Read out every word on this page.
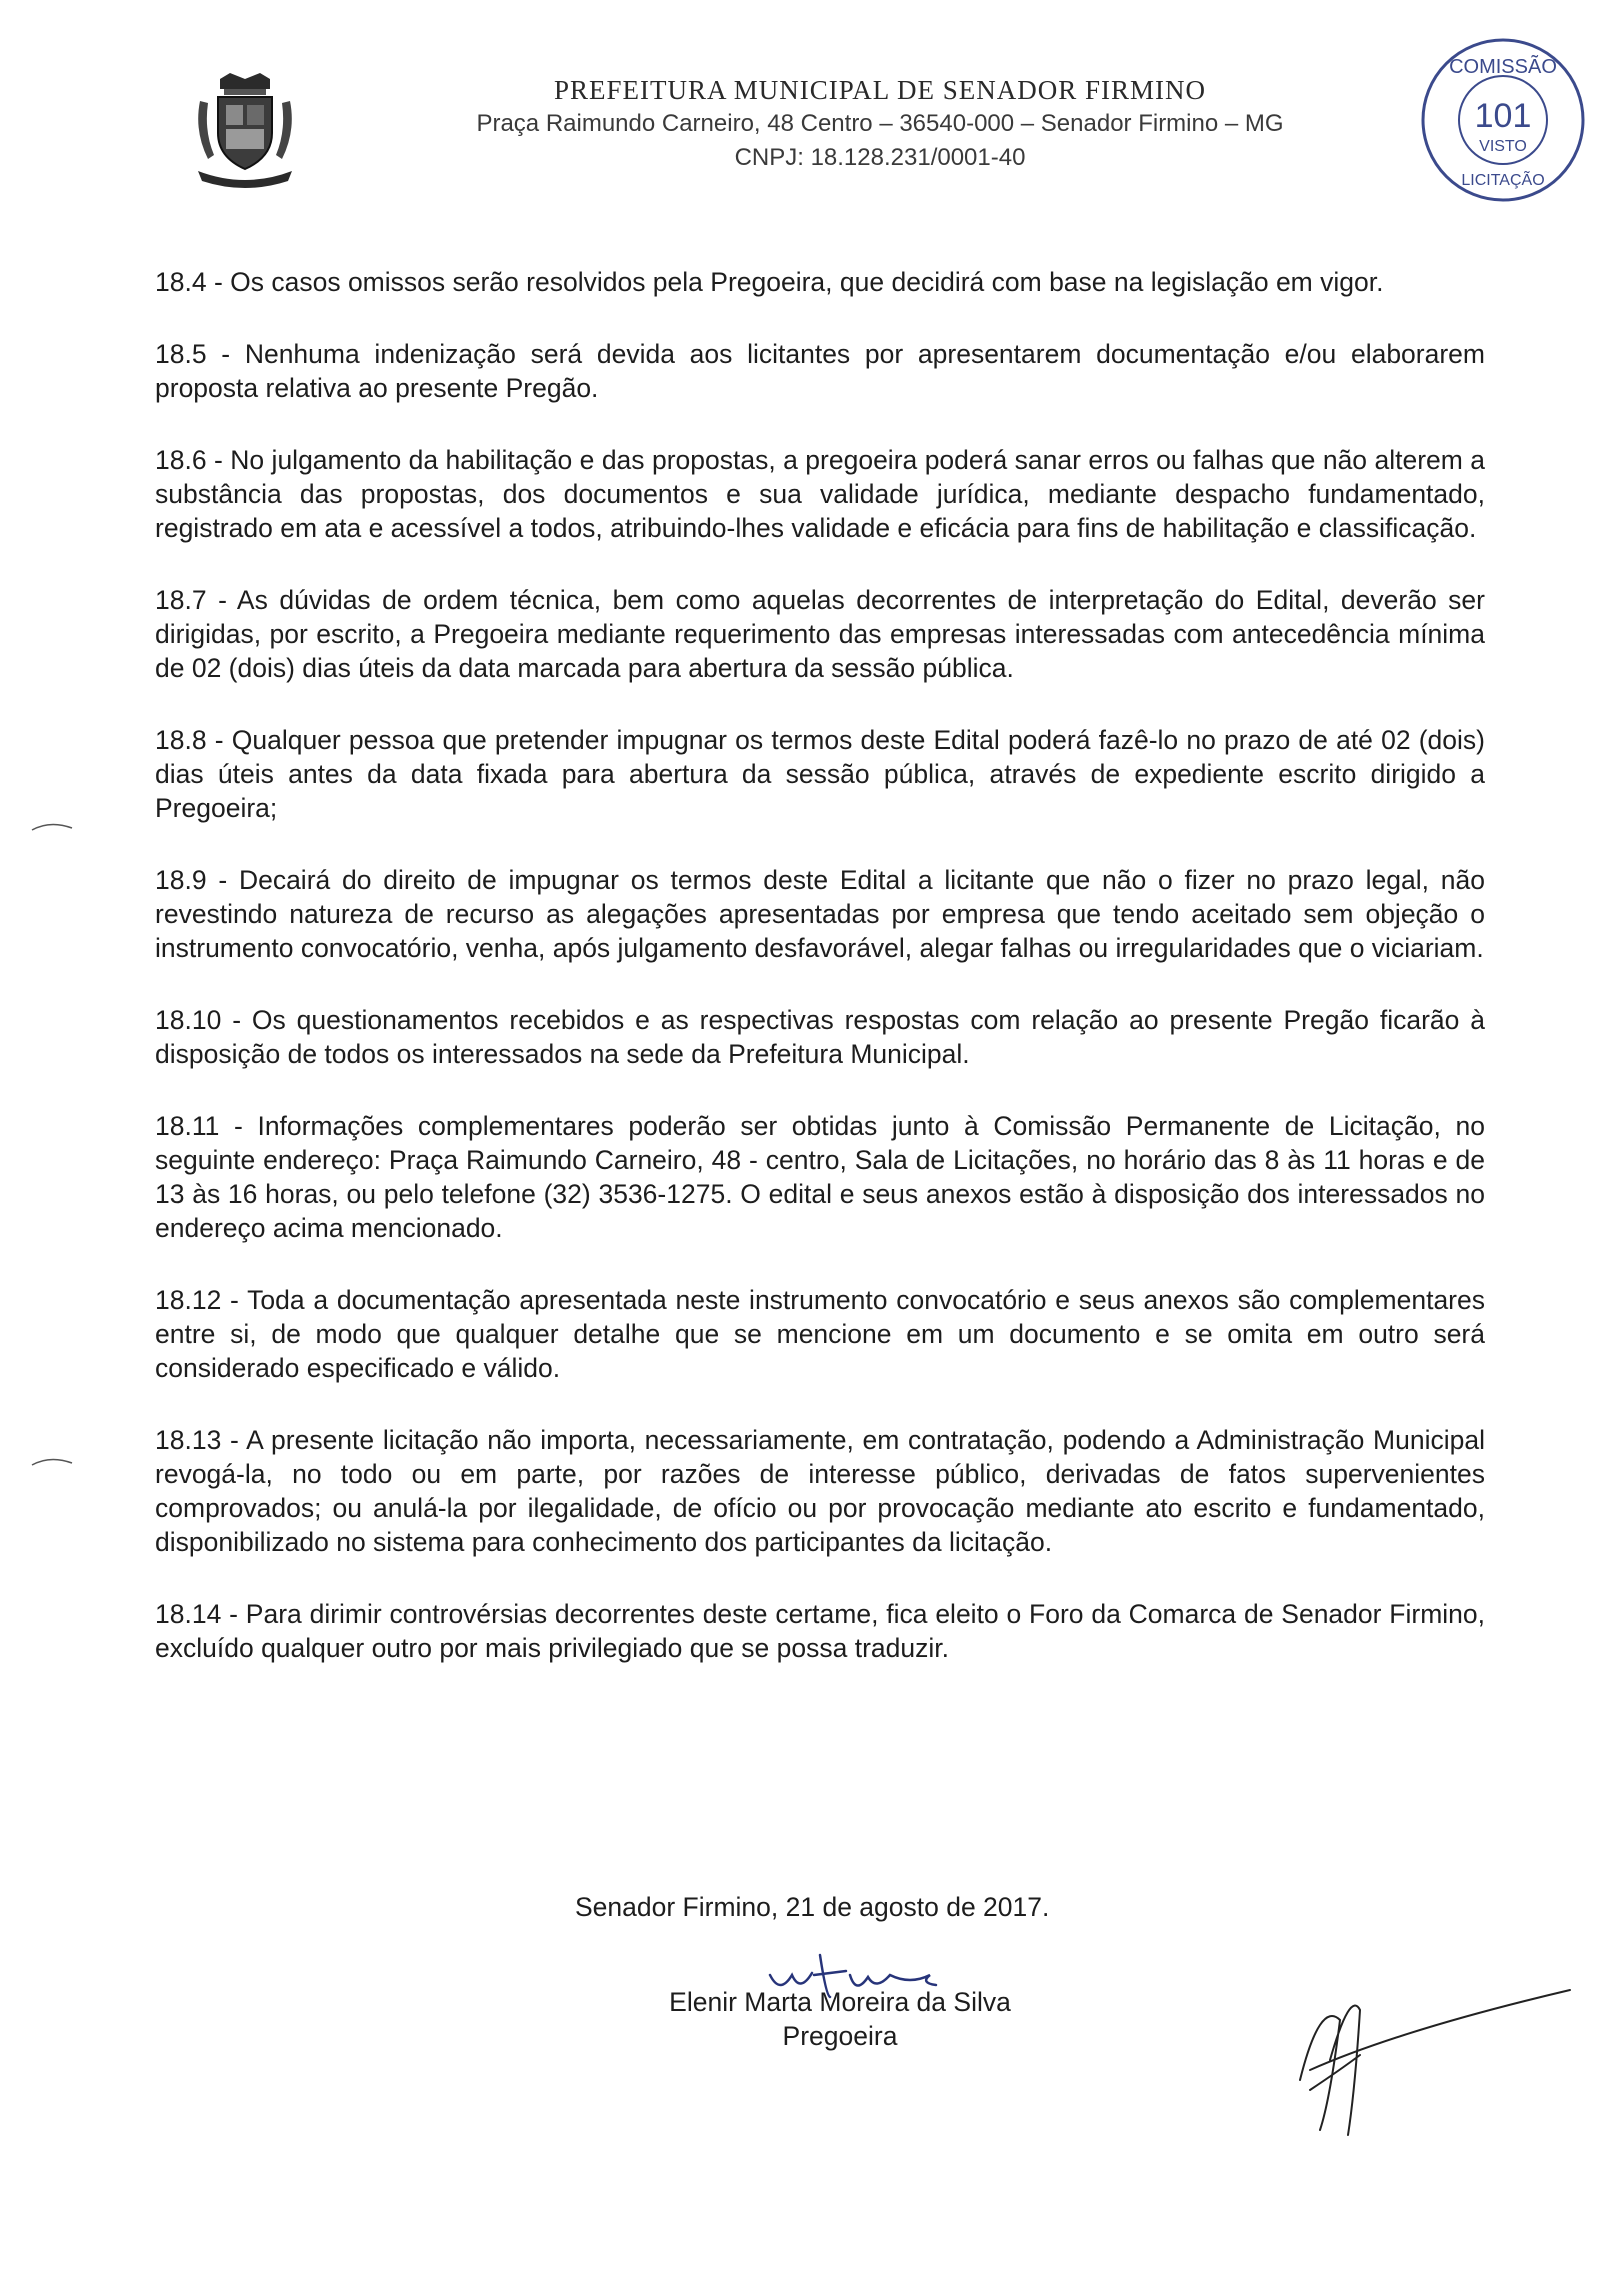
PREFEITURA MUNICIPAL DE SENADOR FIRMINO

Praça Raimundo Carneiro, 48 Centro – 36540-000 – Senador Firmino – MG

CNPJ: 18.128.231/0001-40

COMISSÃO
101
VISTO
LICITAÇÃO

18.4 - Os casos omissos serão resolvidos pela Pregoeira, que decidirá com base na legislação em vigor.

18.5 - Nenhuma indenização será devida aos licitantes por apresentarem documentação e/ou elaborarem proposta relativa ao presente Pregão.

18.6 - No julgamento da habilitação e das propostas, a pregoeira poderá sanar erros ou falhas que não alterem a substância das propostas, dos documentos e sua validade jurídica, mediante despacho fundamentado, registrado em ata e acessível a todos, atribuindo-lhes validade e eficácia para fins de habilitação e classificação.

18.7 - As dúvidas de ordem técnica, bem como aquelas decorrentes de interpretação do Edital, deverão ser dirigidas, por escrito, a Pregoeira mediante requerimento das empresas interessadas com antecedência mínima de 02 (dois) dias úteis da data marcada para abertura da sessão pública.

18.8 - Qualquer pessoa que pretender impugnar os termos deste Edital poderá fazê-lo no prazo de até 02 (dois) dias úteis antes da data fixada para abertura da sessão pública, através de expediente escrito dirigido a Pregoeira;

18.9 - Decairá do direito de impugnar os termos deste Edital a licitante que não o fizer no prazo legal, não revestindo natureza de recurso as alegações apresentadas por empresa que tendo aceitado sem objeção o instrumento convocatório, venha, após julgamento desfavorável, alegar falhas ou irregularidades que o viciariam.

18.10 - Os questionamentos recebidos e as respectivas respostas com relação ao presente Pregão ficarão à disposição de todos os interessados na sede da Prefeitura Municipal.

18.11 - Informações complementares poderão ser obtidas junto à Comissão Permanente de Licitação, no seguinte endereço: Praça Raimundo Carneiro, 48 - centro, Sala de Licitações, no horário das 8 às 11 horas e de 13 às 16 horas, ou pelo telefone (32) 3536-1275. O edital e seus anexos estão à disposição dos interessados no endereço acima mencionado.

18.12 - Toda a documentação apresentada neste instrumento convocatório e seus anexos são complementares entre si, de modo que qualquer detalhe que se mencione em um documento e se omita em outro será considerado especificado e válido.

18.13 - A presente licitação não importa, necessariamente, em contratação, podendo a Administração Municipal revogá-la, no todo ou em parte, por razões de interesse público, derivadas de fatos supervenientes comprovados; ou anulá-la por ilegalidade, de ofício ou por provocação mediante ato escrito e fundamentado, disponibilizado no sistema para conhecimento dos participantes da licitação.

18.14 - Para dirimir controvérsias decorrentes deste certame, fica eleito o Foro da Comarca de Senador Firmino, excluído qualquer outro por mais privilegiado que se possa traduzir.

Senador Firmino, 21 de agosto de 2017.
Elenir Marta Moreira da Silva
Pregoeira
